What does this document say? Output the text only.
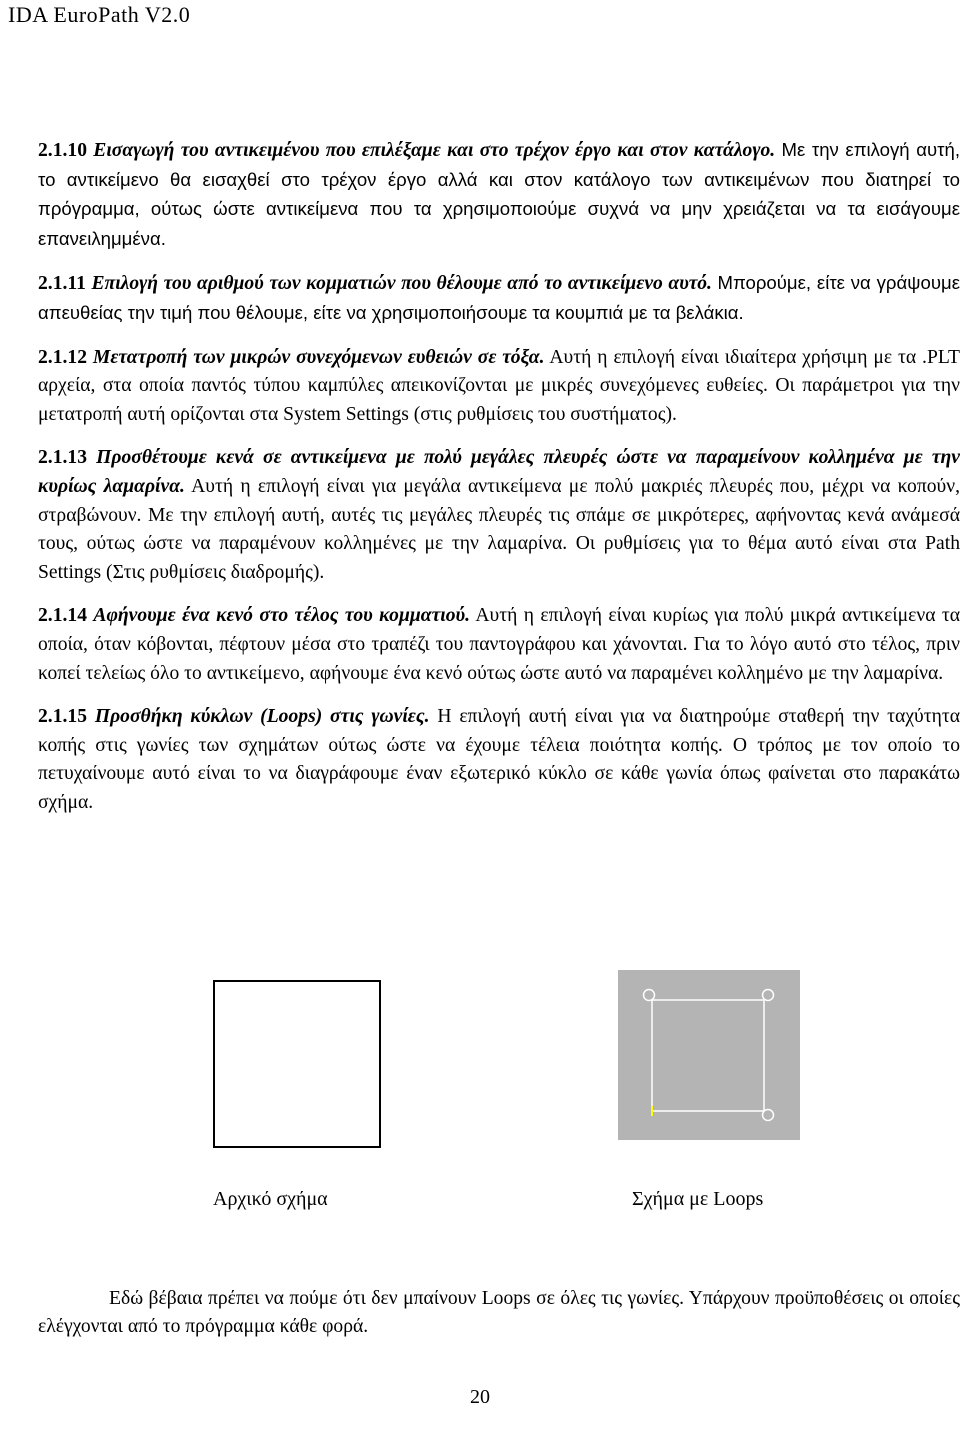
IDA EuroPath V2.0

2.1.10 Εισαγωγή του αντικειμένου που επιλέξαμε και στο τρέχον έργο και στον κατάλογο. Με την επιλογή αυτή, το αντικείμενο θα εισαχθεί στο τρέχον έργο αλλά και στον κατάλογο των αντικειμένων που διατηρεί το πρόγραμμα, ούτως ώστε αντικείμενα που τα χρησιμοποιούμε συχνά να μην χρειάζεται να τα εισάγουμε επανειλημμένα.

2.1.11 Επιλογή του αριθμού των κομματιών που θέλουμε από το αντικείμενο αυτό. Μπορούμε, είτε να γράψουμε απευθείας την τιμή που θέλουμε, είτε να χρησιμοποιήσουμε τα κουμπιά με τα βελάκια.

2.1.12 Μετατροπή των μικρών συνεχόμενων ευθειών σε τόξα. Αυτή η επιλογή είναι ιδιαίτερα χρήσιμη με τα .PLT αρχεία, στα οποία παντός τύπου καμπύλες απεικονίζονται με μικρές συνεχόμενες ευθείες. Οι παράμετροι για την μετατροπή αυτή ορίζονται στα System Settings (στις ρυθμίσεις του συστήματος).

2.1.13 Προσθέτουμε κενά σε αντικείμενα με πολύ μεγάλες πλευρές ώστε να παραμείνουν κολλημένα με την κυρίως λαμαρίνα. Αυτή η επιλογή είναι για μεγάλα αντικείμενα με πολύ μακριές πλευρές που, μέχρι να κοπούν, στραβώνουν. Με την επιλογή αυτή, αυτές τις μεγάλες πλευρές τις σπάμε σε μικρότερες, αφήνοντας κενά ανάμεσά τους, ούτως ώστε να παραμένουν κολλημένες με την λαμαρίνα. Οι ρυθμίσεις για το θέμα αυτό είναι στα Path Settings (Στις ρυθμίσεις διαδρομής).

2.1.14 Αφήνουμε ένα κενό στο τέλος του κομματιού. Αυτή η επιλογή είναι κυρίως για πολύ μικρά αντικείμενα τα οποία, όταν κόβονται, πέφτουν μέσα στο τραπέζι του παντογράφου και χάνονται. Για το λόγο αυτό στο τέλος, πριν κοπεί τελείως όλο το αντικείμενο, αφήνουμε ένα κενό ούτως ώστε αυτό να παραμένει κολλημένο με την λαμαρίνα.

2.1.15 Προσθήκη κύκλων (Loops) στις γωνίες. Η επιλογή αυτή είναι για να διατηρούμε σταθερή την ταχύτητα κοπής στις γωνίες των σχημάτων ούτως ώστε να έχουμε τέλεια ποιότητα κοπής. Ο τρόπος με τον οποίο το πετυχαίνουμε αυτό είναι το να διαγράφουμε έναν εξωτερικό κύκλο σε κάθε γωνία όπως φαίνεται στο παρακάτω σχήμα.

Αρχικό σχήμα	Σχήμα με Loops

Εδώ βέβαια πρέπει να πούμε ότι δεν μπαίνουν Loops σε όλες τις γωνίες. Υπάρχουν προϋποθέσεις οι οποίες ελέγχονται από το πρόγραμμα κάθε φορά.

20
